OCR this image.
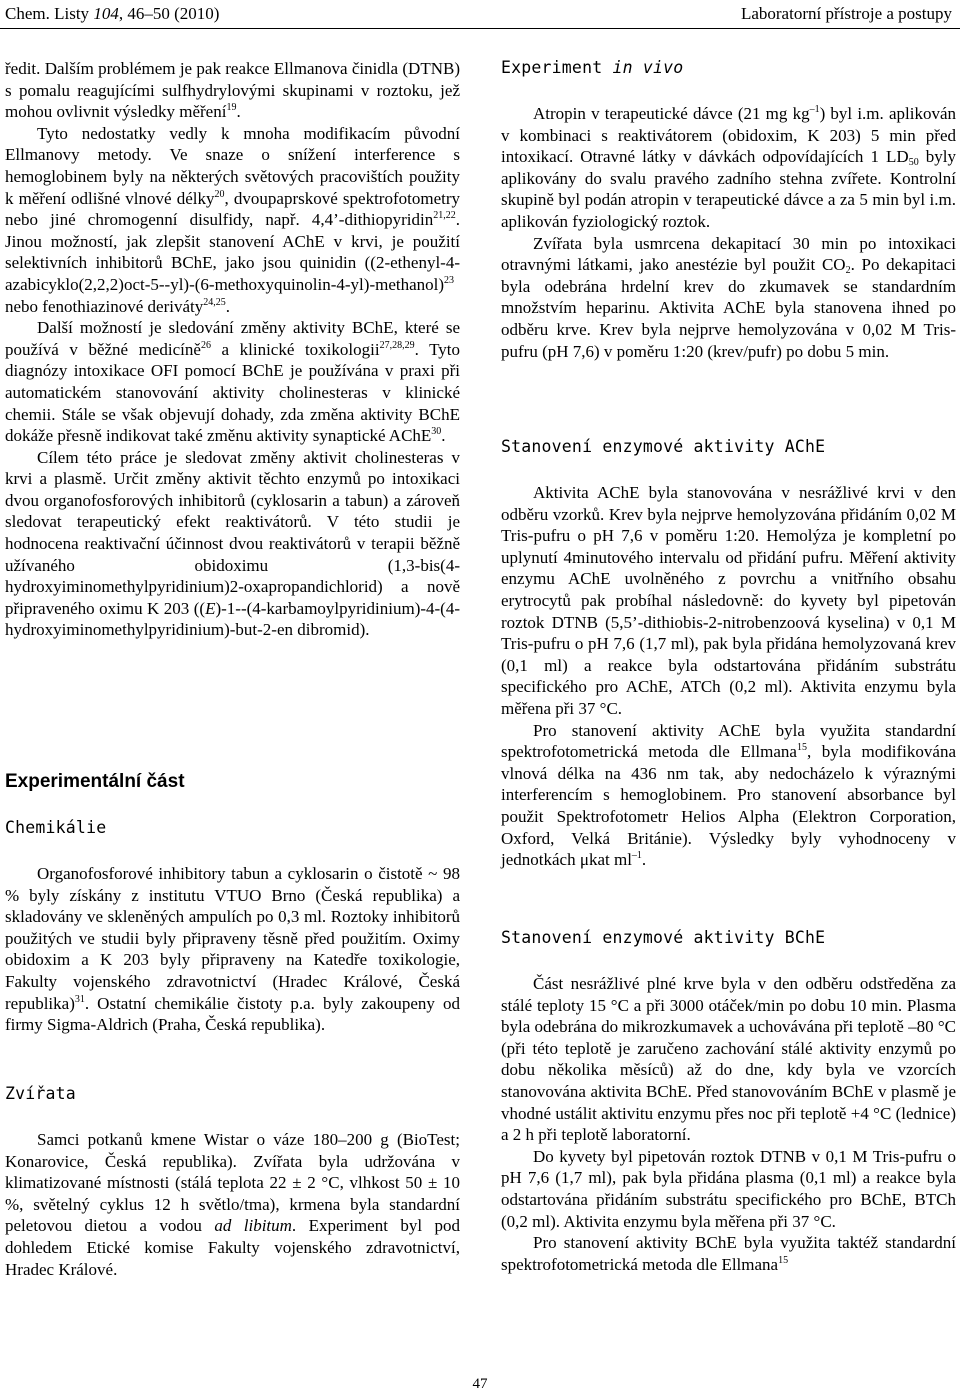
Chem. Listy 104, 46–50 (2010)	Laboratorní přístroje a postupy

ředit. Dalším problémem je pak reakce Ellmanova činidla (DTNB) s pomalu reagujícími sulfhydrylovými skupinami v roztoku, jež mohou ovlivnit výsledky měření$^{19}$.

Tyto nedostatky vedly k mnoha modifikacím původní Ellmanovy metody. Ve snaze o snížení interference s hemoglobinem byly na některých světových pracovištích použity k měření odlišné vlnové délky$^{20}$, dvoupaprskové spektrofotometry nebo jiné chromogenní disulfidy, např. 4,4’-dithiopyridin$^{21,22}$. Jinou možností, jak zlepšit stanovení AChE v krvi, je použití selektivních inhibitorů BChE, jako jsou quinidin ((2-ethenyl-4-azabicyklo(2,2,2)oct-5--yl)-(6-methoxyquinolin-4-yl)-methanol)$^{23}$ nebo fenothiazinové deriváty$^{24,25}$.

Další možností je sledování změny aktivity BChE, které se používá v běžné medicíně$^{26}$ a klinické toxikologii$^{27,28,29}$. Tyto diagnózy intoxikace OFI pomocí BChE je používána v praxi při automatickém stanovování aktivity cholinesteras v klinické chemii. Stále se však objevují dohady, zda změna aktivity BChE dokáže přesně indikovat také změnu aktivity synaptické AChE$^{30}$.

Cílem této práce je sledovat změny aktivit cholinesteras v krvi a plasmě. Určit změny aktivit těchto enzymů po intoxikaci dvou organofosforových inhibitorů (cyklosarin a tabun) a zároveň sledovat terapeutický efekt reaktivátorů. V této studii je hodnocena reaktivační účinnost dvou reaktivátorů v terapii běžně užívaného obidoximu (1,3-bis(4-hydroxyiminomethylpyridinium)2-oxapropandichlorid) a nově připraveného oximu K 203 ((E)-1--(4-karbamoylpyridinium)-4-(4-hydroxyiminomethylpyridinium)-but-2-en dibromid).

Experimentální část
Chemikálie

Organofosforové inhibitory tabun a cyklosarin o čistotě ~ 98 % byly získány z institutu VTUO Brno (Česká republika) a skladovány ve skleněných ampulích po 0,3 ml. Roztoky inhibitorů použitých ve studii byly připraveny těsně před použitím. Oximy obidoxim a K 203 byly připraveny na Katedře toxikologie, Fakulty vojenského zdravotnictví (Hradec Králové, Česká republika)$^{31}$. Ostatní chemikálie čistoty p.a. byly zakoupeny od firmy Sigma-Aldrich (Praha, Česká republika).

Zvířata

Samci potkanů kmene Wistar o váze 180–200 g (BioTest; Konarovice, Česká republika). Zvířata byla udržována v klimatizované místnosti (stálá teplota 22 ± 2 °C, vlhkost 50 ± 10 %, světelný cyklus 12 h světlo/tma), krmena byla standardní peletovou dietou a vodou ad libitum. Experiment byl pod dohledem Etické komise Fakulty vojenského zdravotnictví, Hradec Králové.

Experiment in vivo

Atropin v terapeutické dávce (21 mg $kg^{-1}$) byl i.m. aplikován v kombinaci s reaktivátorem (obidoxim, K 203) 5 min před intoxikací. Otravné látky v dávkách odpovídajících 1 $LD_{50}$ byly aplikovány do svalu pravého zadního stehna zvířete. Kontrolní skupině byl podán atropin v terapeutické dávce a za 5 min byl i.m. aplikován fyziologický roztok.

Zvířata byla usmrcena dekapitací 30 min po intoxikaci otravnými látkami, jako anestézie byl použit $CO_2$. Po dekapitaci byla odebrána hrdelní krev do zkumavek se standardním množstvím heparinu. Aktivita AChE byla stanovena ihned po odběru krve. Krev byla nejprve hemolyzována v 0,02 M Tris-pufru (pH 7,6) v poměru 1:20 (krev/pufr) po dobu 5 min.

Stanovení enzymové aktivity AChE

Aktivita AChE byla stanovována v nesrážlivé krvi v den odběru vzorků. Krev byla nejprve hemolyzována přidáním 0,02 M Tris-pufru o pH 7,6 v poměru 1:20. Hemolýza je kompletní po uplynutí 4minutového intervalu od přidání pufru. Měření aktivity enzymu AChE uvolněného z povrchu a vnitřního obsahu erytrocytů pak probíhal následovně: do kyvety byl pipetován roztok DTNB (5,5’-dithiobis-2-nitrobenzoová kyselina) v 0,1 M Tris-pufru o pH 7,6 (1,7 ml), pak byla přidána hemolyzovaná krev (0,1 ml) a reakce byla odstartována přidáním substrátu specifického pro AChE, ATCh (0,2 ml). Aktivita enzymu byla měřena při 37 °C.

Pro stanovení aktivity AChE byla využita standardní spektrofotometrická metoda dle Ellmana$^{15}$, byla modifikována vlnová délka na 436 nm tak, aby nedocházelo k výraznými interferencím s hemoglobinem. Pro stanovení absorbance byl použit Spektrofotometr Helios Alpha (Elektron Corporation, Oxford, Velká Británie). Výsledky byly vyhodnoceny v jednotkách μkat $ml^{-1}$.

Stanovení enzymové aktivity BChE

Část nesrážlivé plné krve byla v den odběru odstředěna za stálé teploty 15 °C a při 3000 otáček/min po dobu 10 min. Plasma byla odebrána do mikrozkumavek a uchovávána při teplotě –80 °C (při této teplotě je zaručeno zachování stálé aktivity enzymů po dobu několika měsíců) až do dne, kdy byla ve vzorcích stanovována aktivita BChE. Před stanovováním BChE v plasmě je vhodné ustálit aktivitu enzymu přes noc při teplotě +4 °C (lednice) a 2 h při teplotě laboratorní.

Do kyvety byl pipetován roztok DTNB v 0,1 M Tris-pufru o pH 7,6 (1,7 ml), pak byla přidána plasma (0,1 ml) a reakce byla odstartována přidáním substrátu specifického pro BChE, BTCh (0,2 ml). Aktivita enzymu byla měřena při 37 °C.

Pro stanovení aktivity BChE byla využita taktéž standardní spektrofotometrická metoda dle Ellmana$^{15}$

47
